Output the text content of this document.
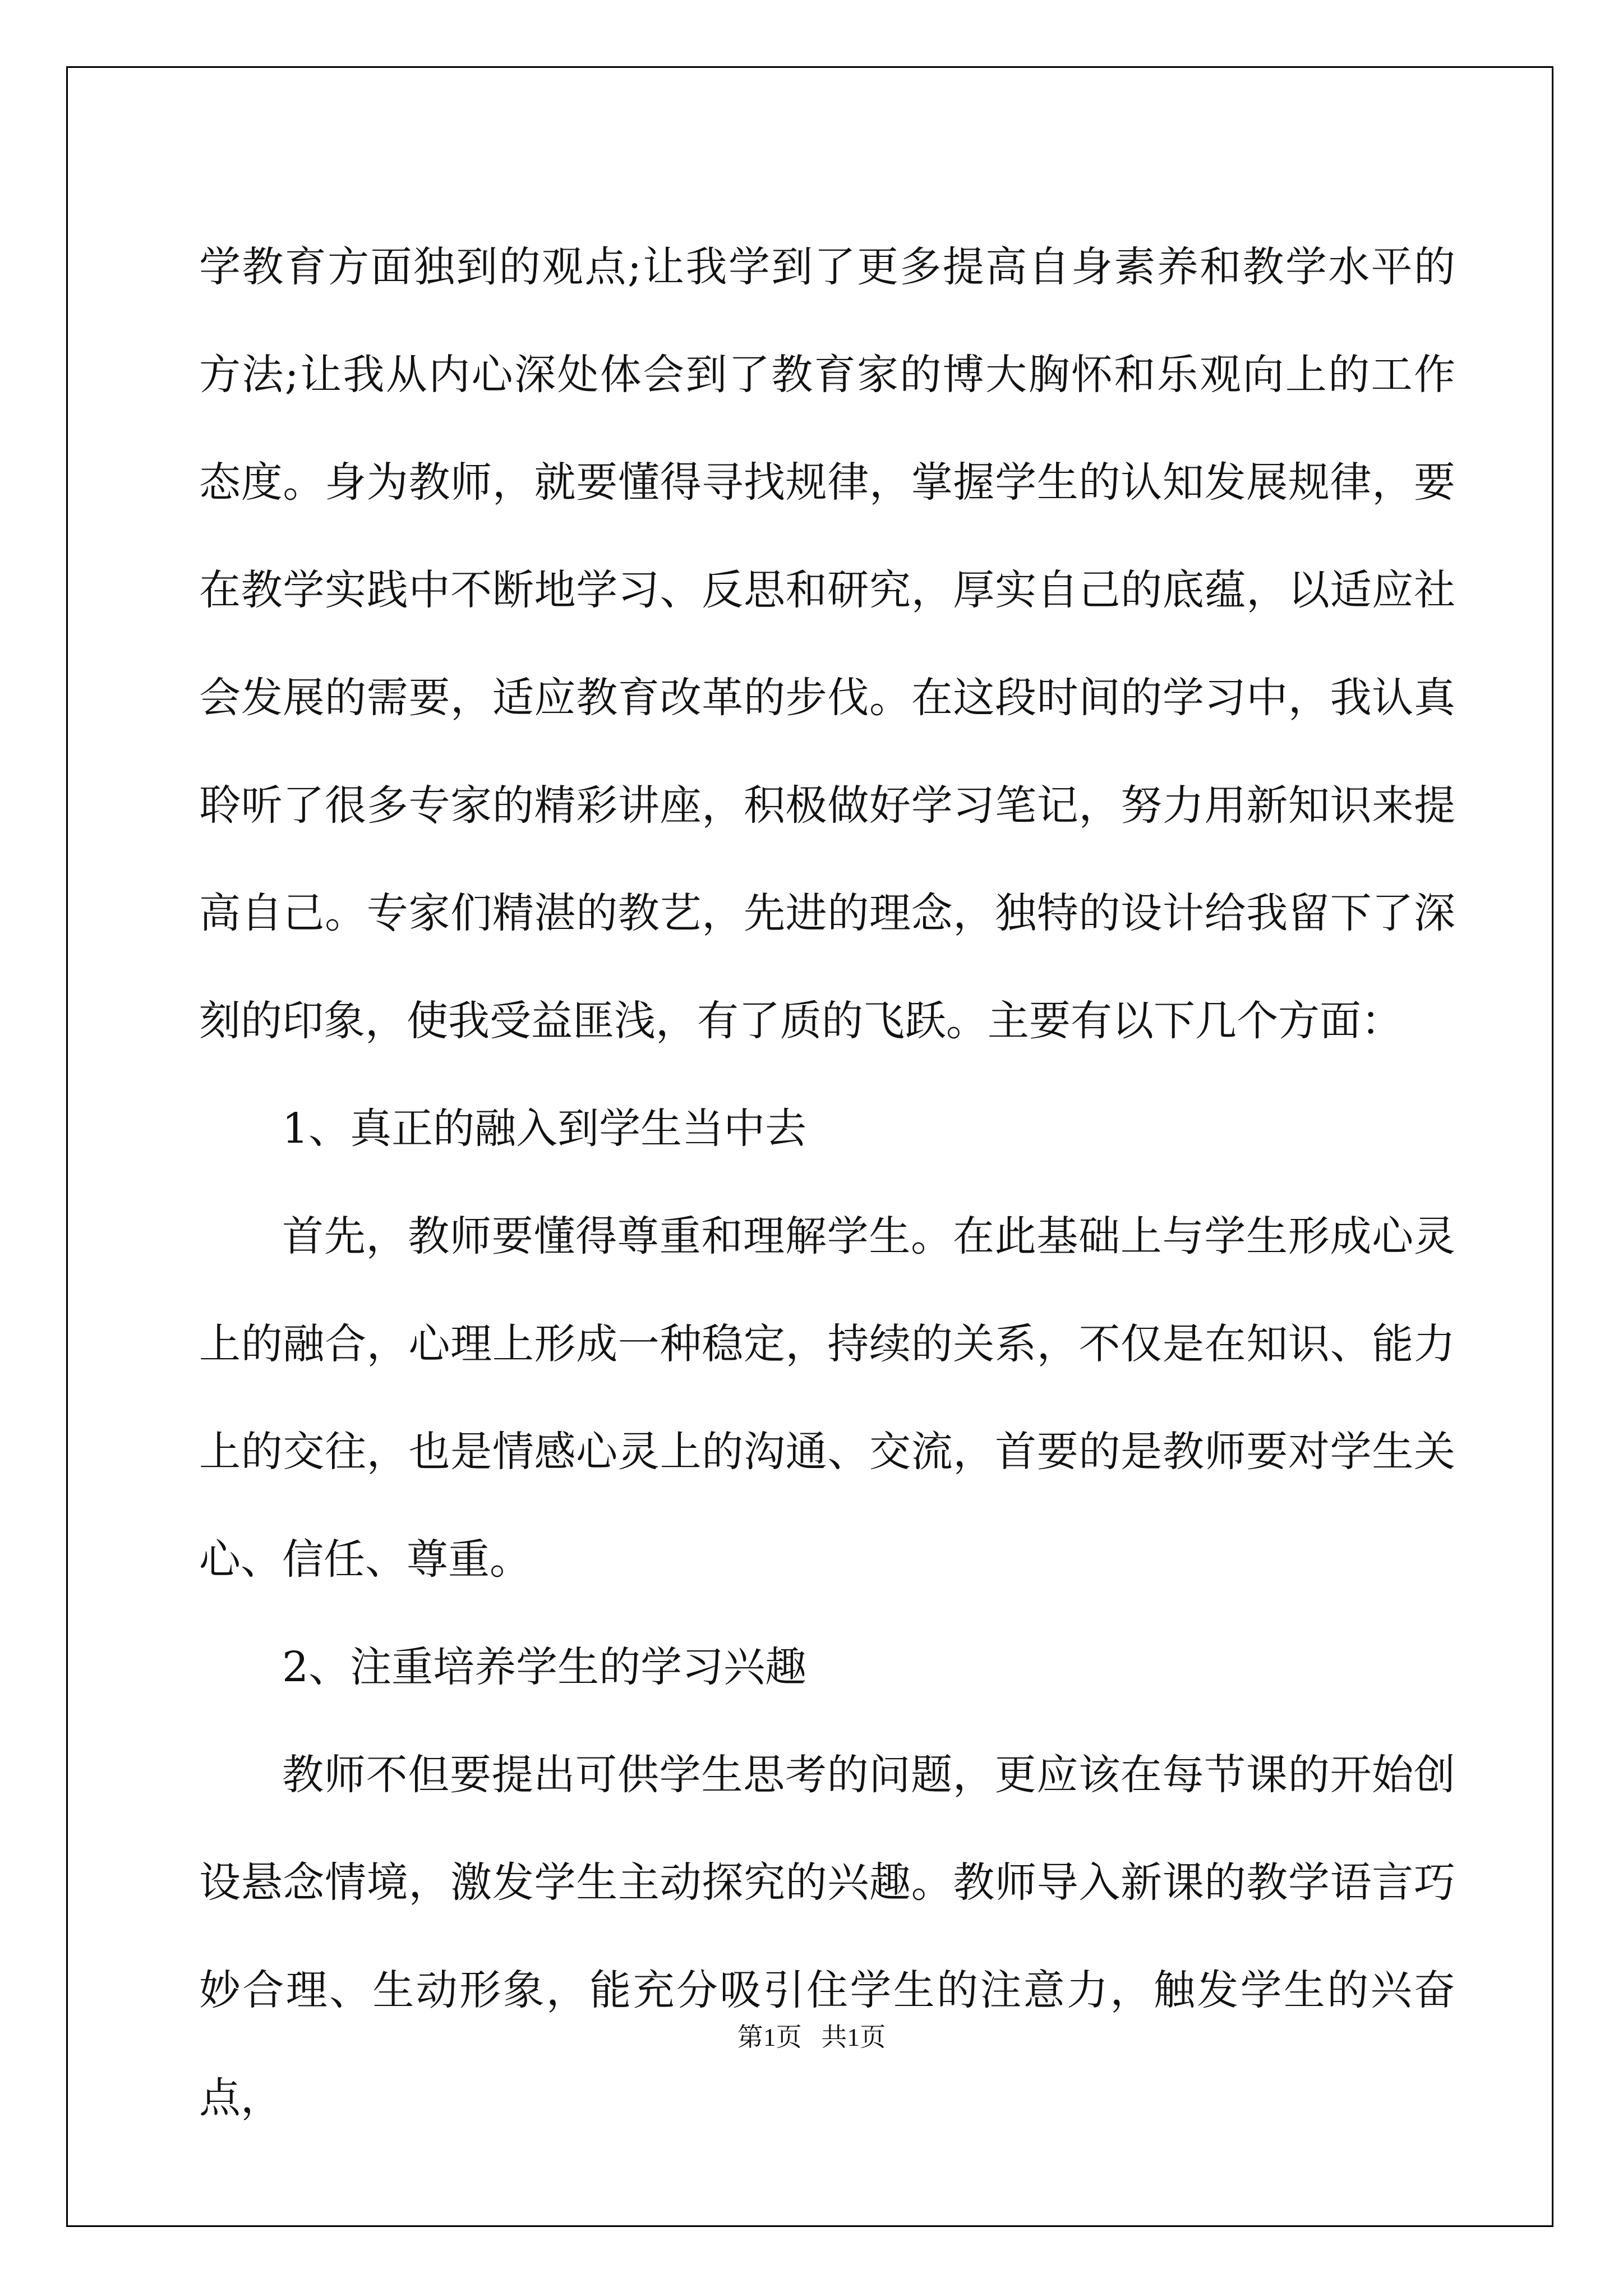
学教育方面独到的观点;让我学到了更多提高自身素养和教学水平的方法;让我从内心深处体会到了教育家的博大胸怀和乐观向上的工作态度。身为教师，就要懂得寻找规律，掌握学生的认知发展规律，要在教学实践中不断地学习、反思和研究，厚实自己的底蕴，以适应社会发展的需要，适应教育改革的步伐。在这段时间的学习中，我认真聆听了很多专家的精彩讲座，积极做好学习笔记，努力用新知识来提高自己。专家们精湛的教艺，先进的理念，独特的设计给我留下了深刻的印象，使我受益匪浅，有了质的飞跃。主要有以下几个方面：

1、真正的融入到学生当中去

首先，教师要懂得尊重和理解学生。在此基础上与学生形成心灵上的融合，心理上形成一种稳定，持续的关系，不仅是在知识、能力上的交往，也是情感心灵上的沟通、交流，首要的是教师要对学生关心、信任、尊重。

2、注重培养学生的学习兴趣

教师不但要提出可供学生思考的问题，更应该在每节课的开始创设悬念情境，激发学生主动探究的兴趣。教师导入新课的教学语言巧妙合理、生动形象，能充分吸引住学生的注意力，触发学生的兴奋点，

第1页   共1页
